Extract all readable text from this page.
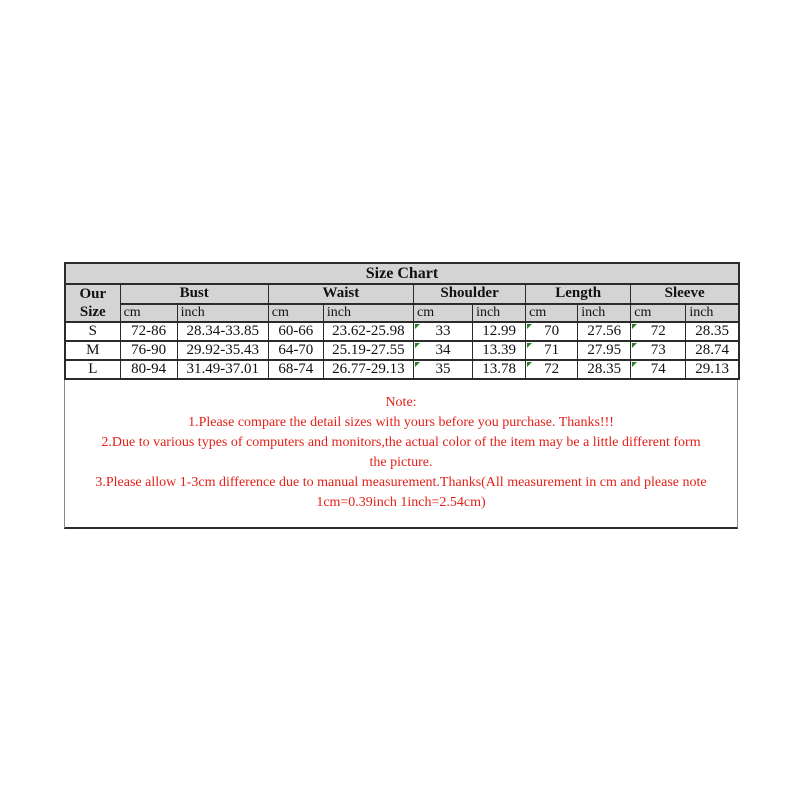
Size Chart										
Our Size	Bust		Waist		Shoulder		Length		Sleeve	
	cm	inch	cm	inch	cm	inch	cm	inch	cm	inch
S	72-86	28.34-33.85	60-66	23.62-25.98	33	12.99	70	27.56	72	28.35
M	76-90	29.92-35.43	64-70	25.19-27.55	34	13.39	71	27.95	73	28.74
L	80-94	31.49-37.01	68-74	26.77-29.13	35	13.78	72	28.35	74	29.13
Note:
1.Please compare the detail sizes with yours before you purchase. Thanks!!!
2.Due to various types of computers and monitors,the actual color of the item may be a little different form
the picture.
3.Please allow 1-3cm difference due to manual measurement.Thanks(All measurement in cm and please note
1cm=0.39inch 1inch=2.54cm)
